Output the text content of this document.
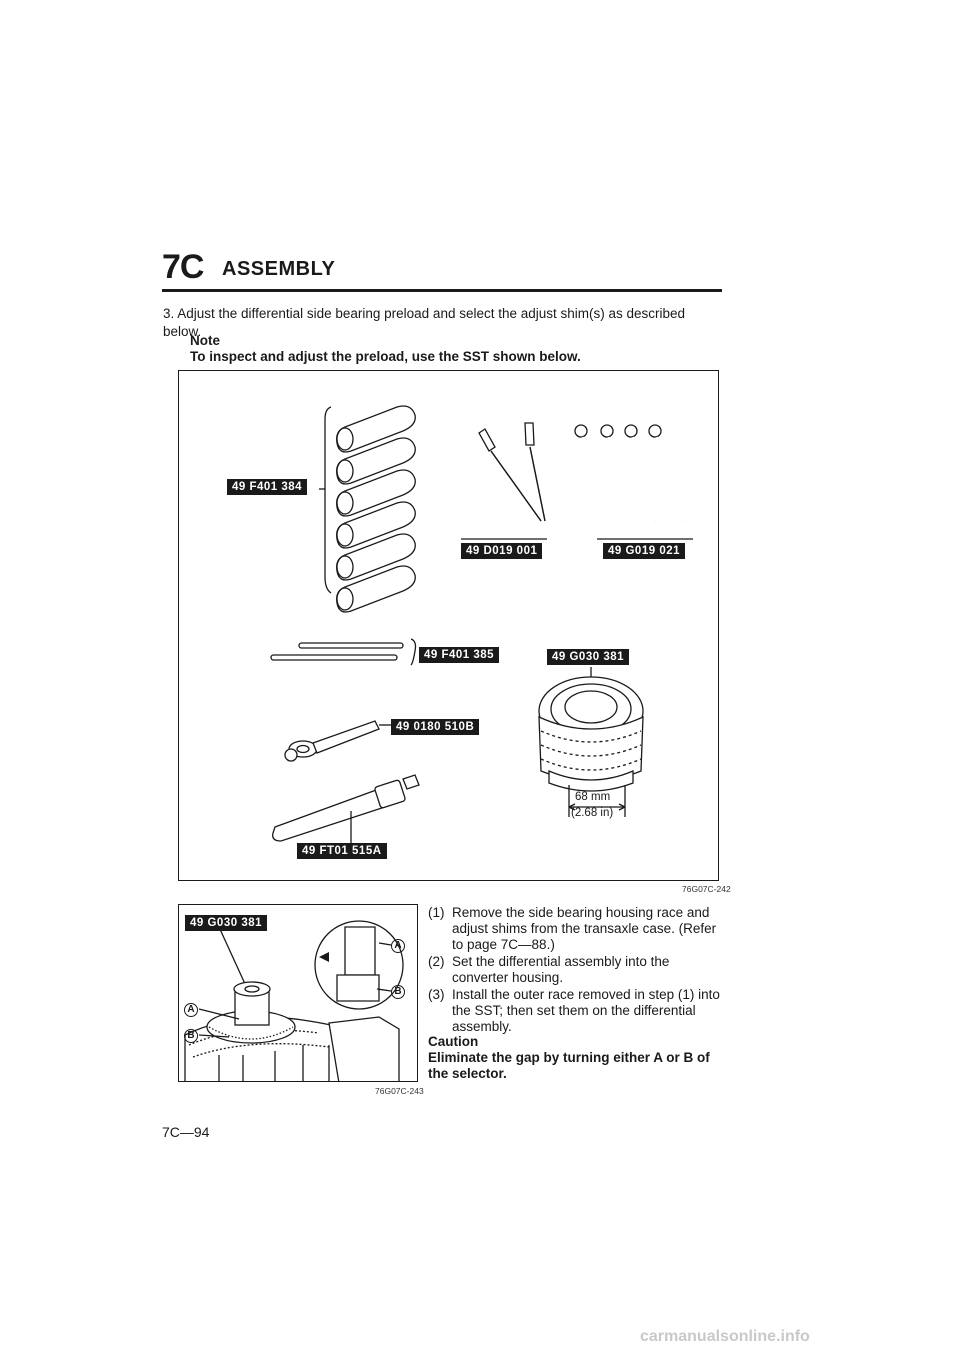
7C ASSEMBLY
3. Adjust the differential side bearing preload and select the adjust shim(s) as described below.
Note
To inspect and adjust the preload, use the SST shown below.
49 F401 384
49 D019 001	49 G019 021
49 F401 385	49 G030 381
49 0180 510B
49 FT01 515A
68 mm
(2.68 in)
76G07C-242
49 G030 381
A
B
A
B
76G07C-243
(1) Remove the side bearing housing race and adjust shims from the transaxle case. (Refer to page 7C—88.)
(2) Set the differential assembly into the converter housing.
(3) Install the outer race removed in step (1) into the SST; then set them on the differential assembly.
Caution
Eliminate the gap by turning either A or B of the selector.
7C—94
carmanualsonline.info
